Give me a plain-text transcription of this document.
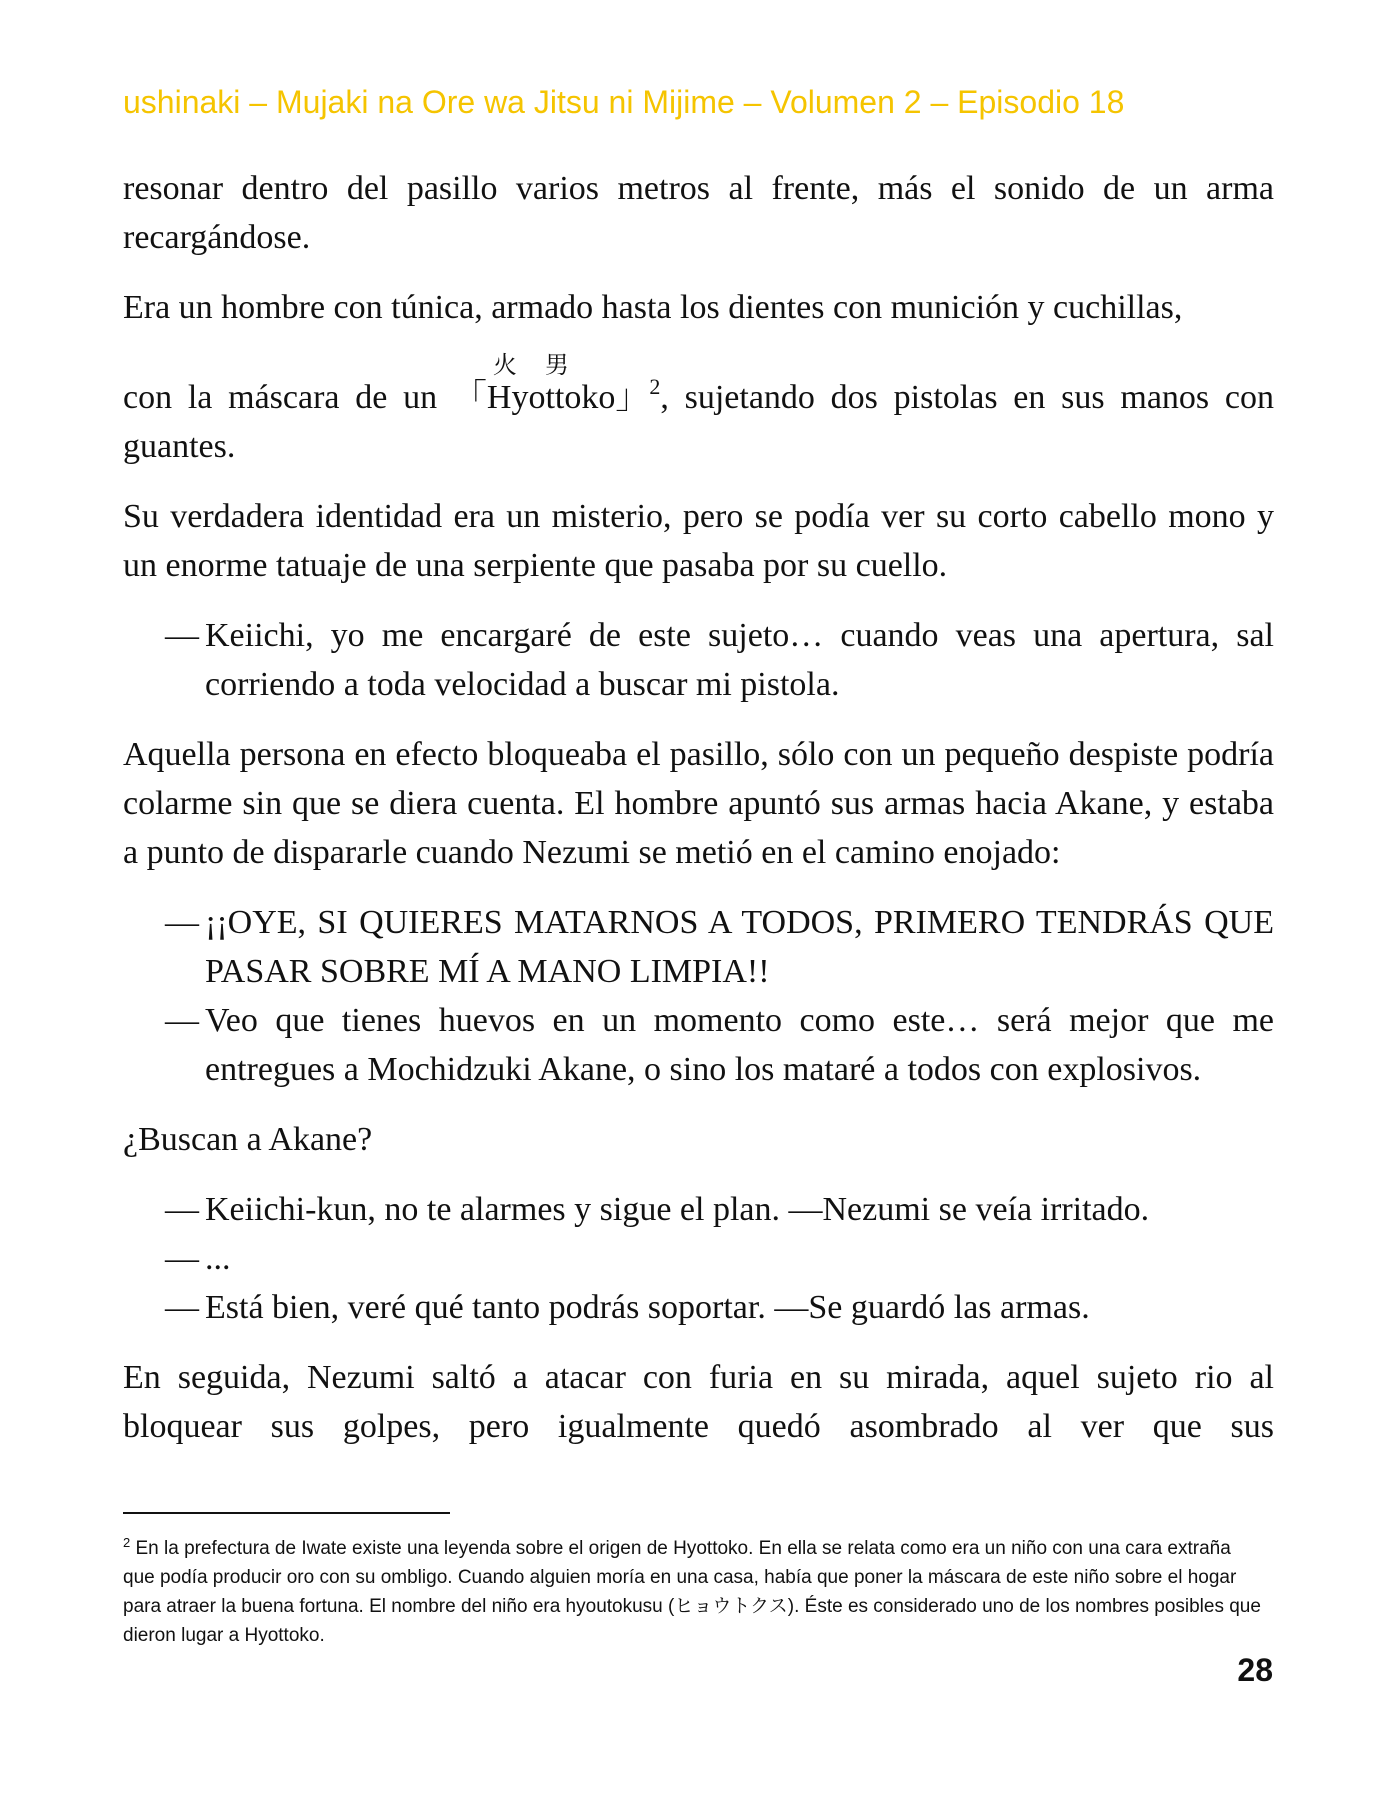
ushinaki – Mujaki na Ore wa Jitsu ni Mijime – Volumen 2 – Episodio 18

resonar dentro del pasillo varios metros al frente, más el sonido de un arma recargándose.

Era un hombre con túnica, armado hasta los dientes con munición y cuchillas,

con la máscara de un
火男
「Hyottoko」$^2$, sujetando dos pistolas en sus manos con guantes.

Su verdadera identidad era un misterio, pero se podía ver su corto cabello mono y un enorme tatuaje de una serpiente que pasaba por su cuello.

— Keiichi, yo me encargaré de este sujeto… cuando veas una apertura, sal corriendo a toda velocidad a buscar mi pistola.

Aquella persona en efecto bloqueaba el pasillo, sólo con un pequeño despiste podría colarme sin que se diera cuenta. El hombre apuntó sus armas hacia Akane, y estaba a punto de dispararle cuando Nezumi se metió en el camino enojado:

— ¡¡OYE, SI QUIERES MATARNOS A TODOS, PRIMERO TENDRÁS QUE PASAR SOBRE MÍ A MANO LIMPIA!!
— Veo que tienes huevos en un momento como este… será mejor que me entregues a Mochidzuki Akane, o sino los mataré a todos con explosivos.

¿Buscan a Akane?

— Keiichi-kun, no te alarmes y sigue el plan. —Nezumi se veía irritado.
— ...
— Está bien, veré qué tanto podrás soportar. —Se guardó las armas.

En seguida, Nezumi saltó a atacar con furia en su mirada, aquel sujeto rio al bloquear sus golpes, pero igualmente quedó asombrado al ver que sus

$^2$ En la prefectura de Iwate existe una leyenda sobre el origen de Hyottoko. En ella se relata como era un niño con una cara extraña que podía producir oro con su ombligo. Cuando alguien moría en una casa, había que poner la máscara de este niño sobre el hogar para atraer la buena fortuna. El nombre del niño era hyoutokusu (ヒョウトクス). Éste es considerado uno de los nombres posibles que dieron lugar a Hyottoko.
28
